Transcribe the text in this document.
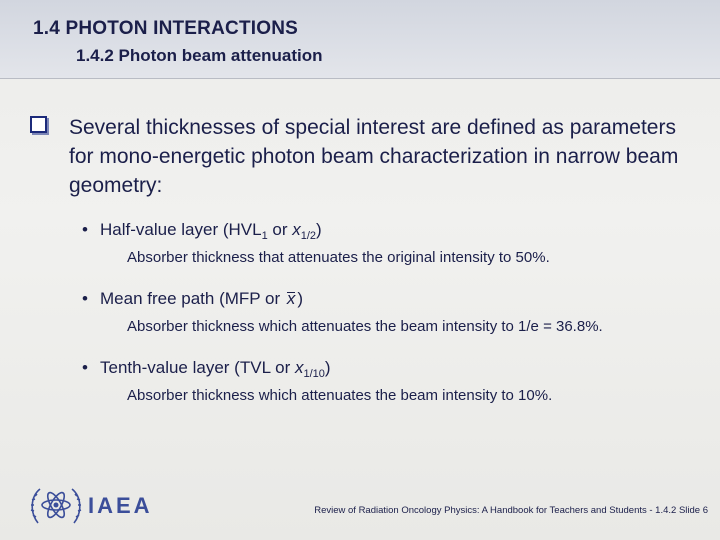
1.4 PHOTON INTERACTIONS
1.4.2 Photon beam attenuation
Several thicknesses of special interest are defined as parameters for mono-energetic photon beam characterization in narrow beam geometry:
• Half-value layer ($HVL_1$ or $x_{1/2}$)
Absorber thickness that attenuates the original intensity to 50%.
• Mean free path (MFP or x )
Absorber thickness which attenuates the beam intensity to 1/e = 36.8%.
• Tenth-value layer (TVL or $x_{1/10}$)
Absorber thickness which attenuates the beam intensity to 10%.
IAEA	Review of Radiation Oncology Physics: A Handbook for Teachers and Students - 1.4.2 Slide 6
